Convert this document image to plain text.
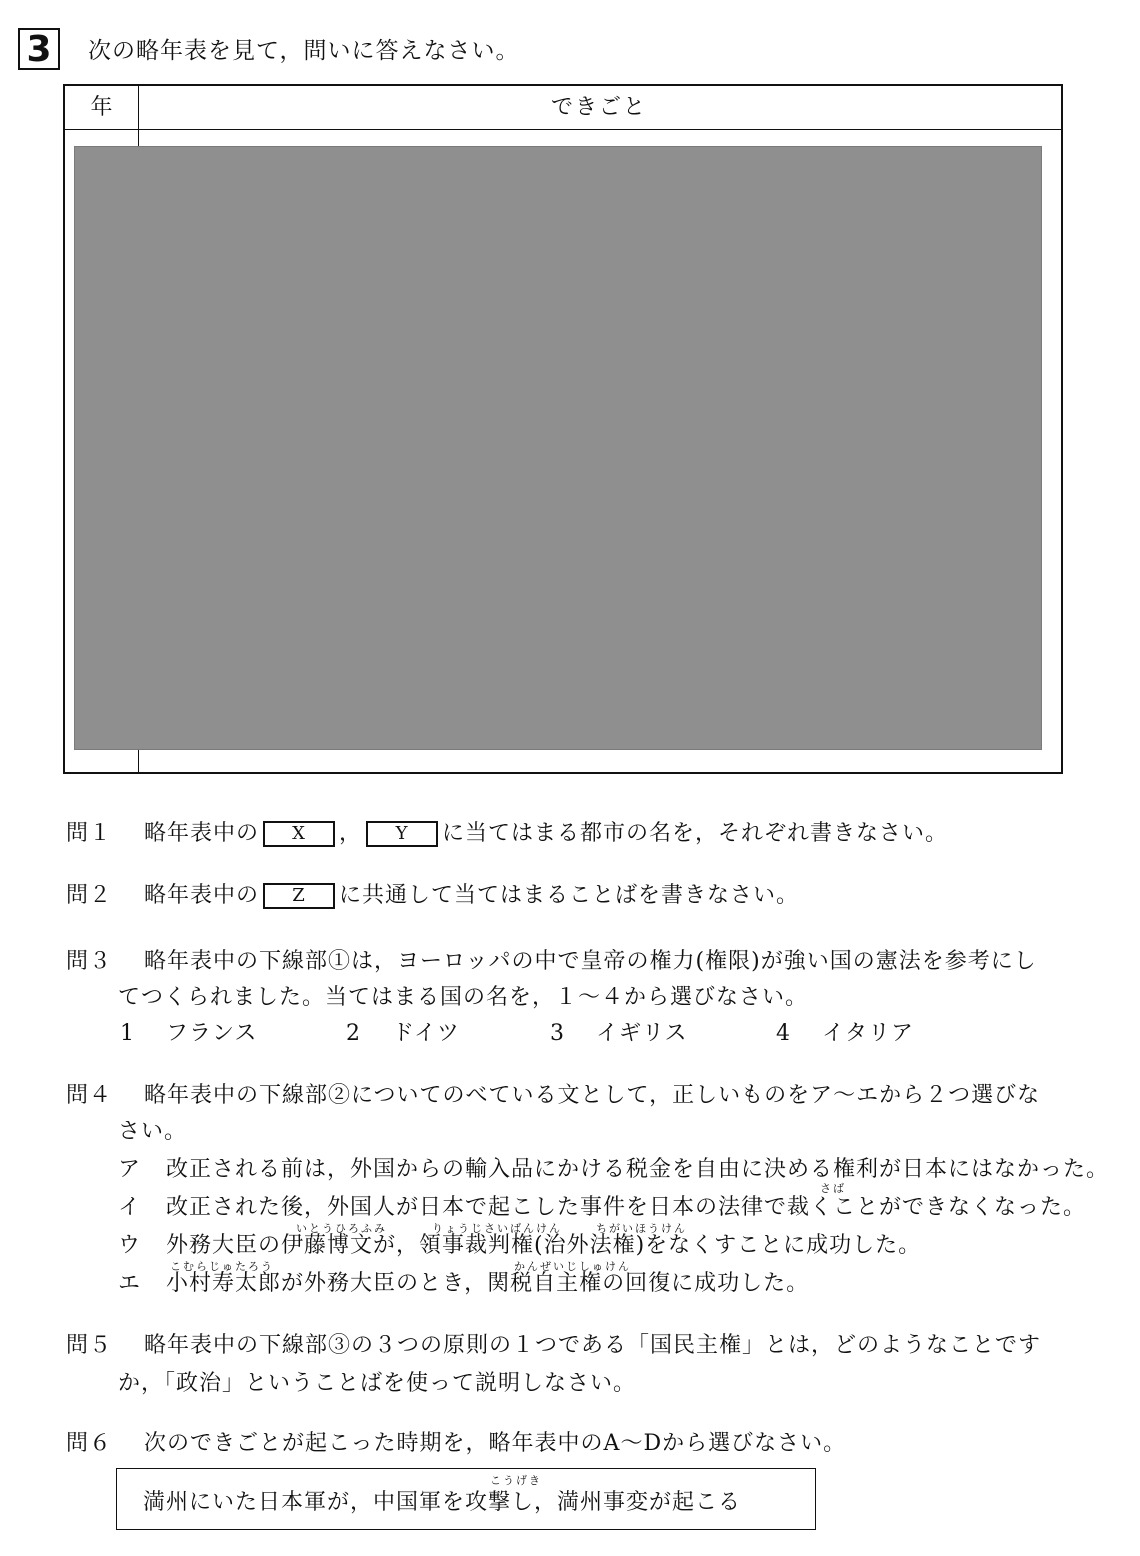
3	次の略年表を見て，問いに答えなさい。
年	できごと
問１ 略年表中の X ， Y に当てはまる都市の名を，それぞれ書きなさい。
問２ 略年表中の Z に共通して当てはまることばを書きなさい。
問３ 略年表中の下線部①は，ヨーロッパの中で皇帝の権力(権限)が強い国の憲法を参考にし
てつくられました。当てはまる国の名を，１～４から選びなさい。
1 フランス	2 ドイツ	3 イギリス	4 イタリア
問４ 略年表中の下線部②についてのべている文として，正しいものをア～エから２つ選びな
さい。
ア 改正される前は，外国からの輸入品にかける税金を自由に決める権利が日本にはなかった。
さば
イ 改正された後，外国人が日本で起こした事件を日本の法律で裁くことができなくなった。
いとうひろふみ	りょうじさいばんけん	ちがいほうけん
ウ 外務大臣の伊藤博文が，領事裁判権(治外法権)をなくすことに成功した。
こむらじゅたろう	かんぜいじしゅけん
エ 小村寿太郎が外務大臣のとき，関税自主権の回復に成功した。
問５ 略年表中の下線部③の３つの原則の１つである「国民主権」とは，どのようなことです
か，「政治」ということばを使って説明しなさい。
問６ 次のできごとが起こった時期を，略年表中のA～Dから選びなさい。
満州にいた日本軍が，中国軍を攻撃し，満州事変が起こる
こうげき
